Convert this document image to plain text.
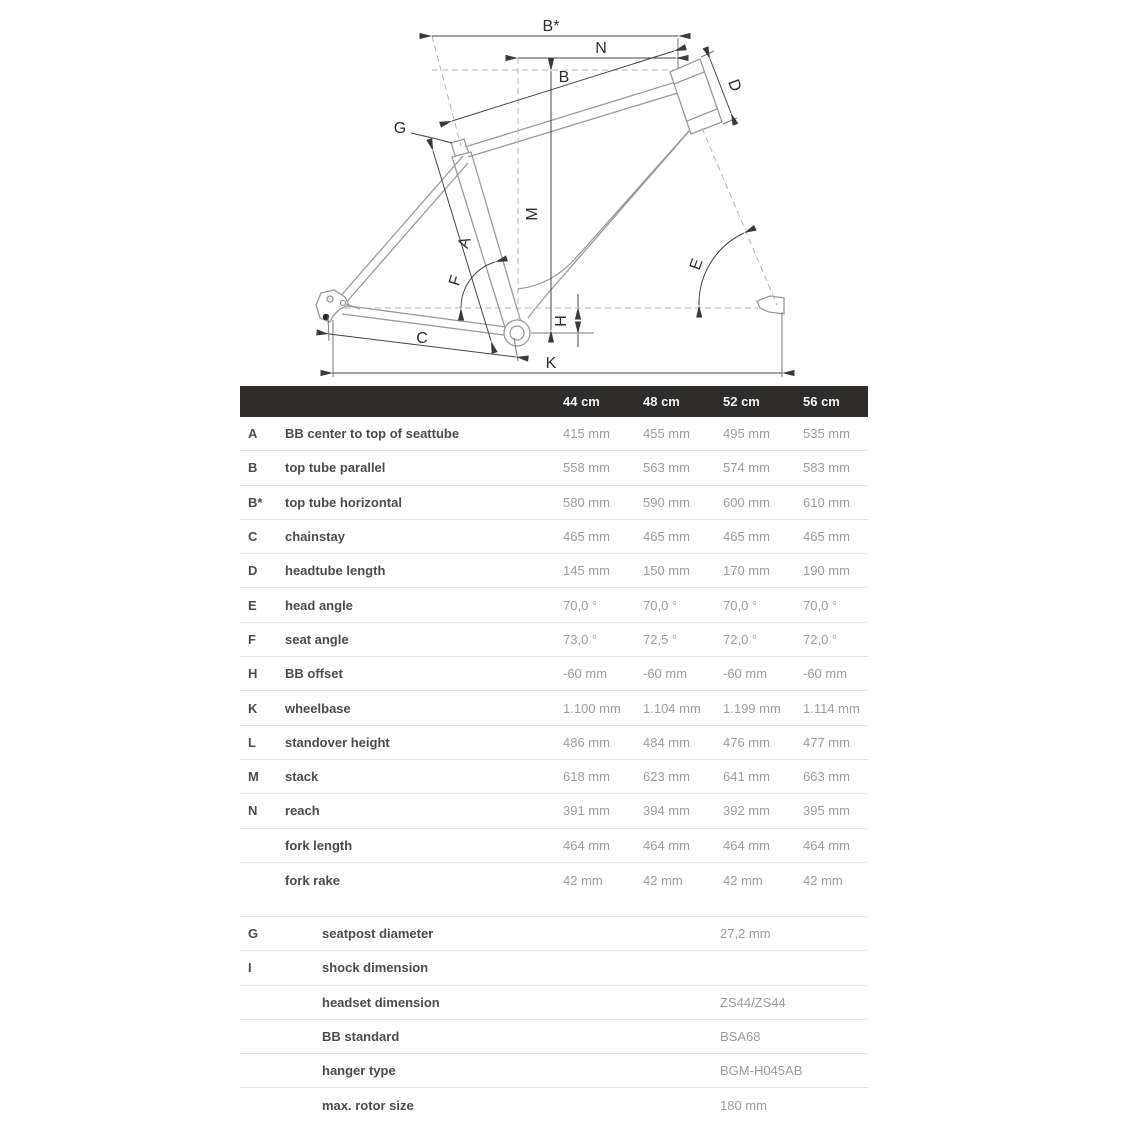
B*
N
B	D
G
M
A
F
E
H
C
K
44 cm	48 cm	52 cm	56 cm
A	BB center to top of seattube	415 mm	455 mm	495 mm	535 mm
B	top tube parallel	558 mm	563 mm	574 mm	583 mm
B*	top tube horizontal	580 mm	590 mm	600 mm	610 mm
C	chainstay	465 mm	465 mm	465 mm	465 mm
D	headtube length	145 mm	150 mm	170 mm	190 mm
E	head angle	70,0 °	70,0 °	70,0 °	70,0 °
F	seat angle	73,0 °	72,5 °	72,0 °	72,0 °
H	BB offset	-60 mm	-60 mm	-60 mm	-60 mm
K	wheelbase	1.100 mm	1.104 mm	1.199 mm	1.114 mm
L	standover height	486 mm	484 mm	476 mm	477 mm
M	stack	618 mm	623 mm	641 mm	663 mm
N	reach	391 mm	394 mm	392 mm	395 mm
fork length	464 mm	464 mm	464 mm	464 mm
fork rake	42 mm	42 mm	42 mm	42 mm
G	seatpost diameter	27,2 mm
I	shock dimension
headset dimension	ZS44/ZS44
BB standard	BSA68
hanger type	BGM-H045AB
max. rotor size	180 mm
